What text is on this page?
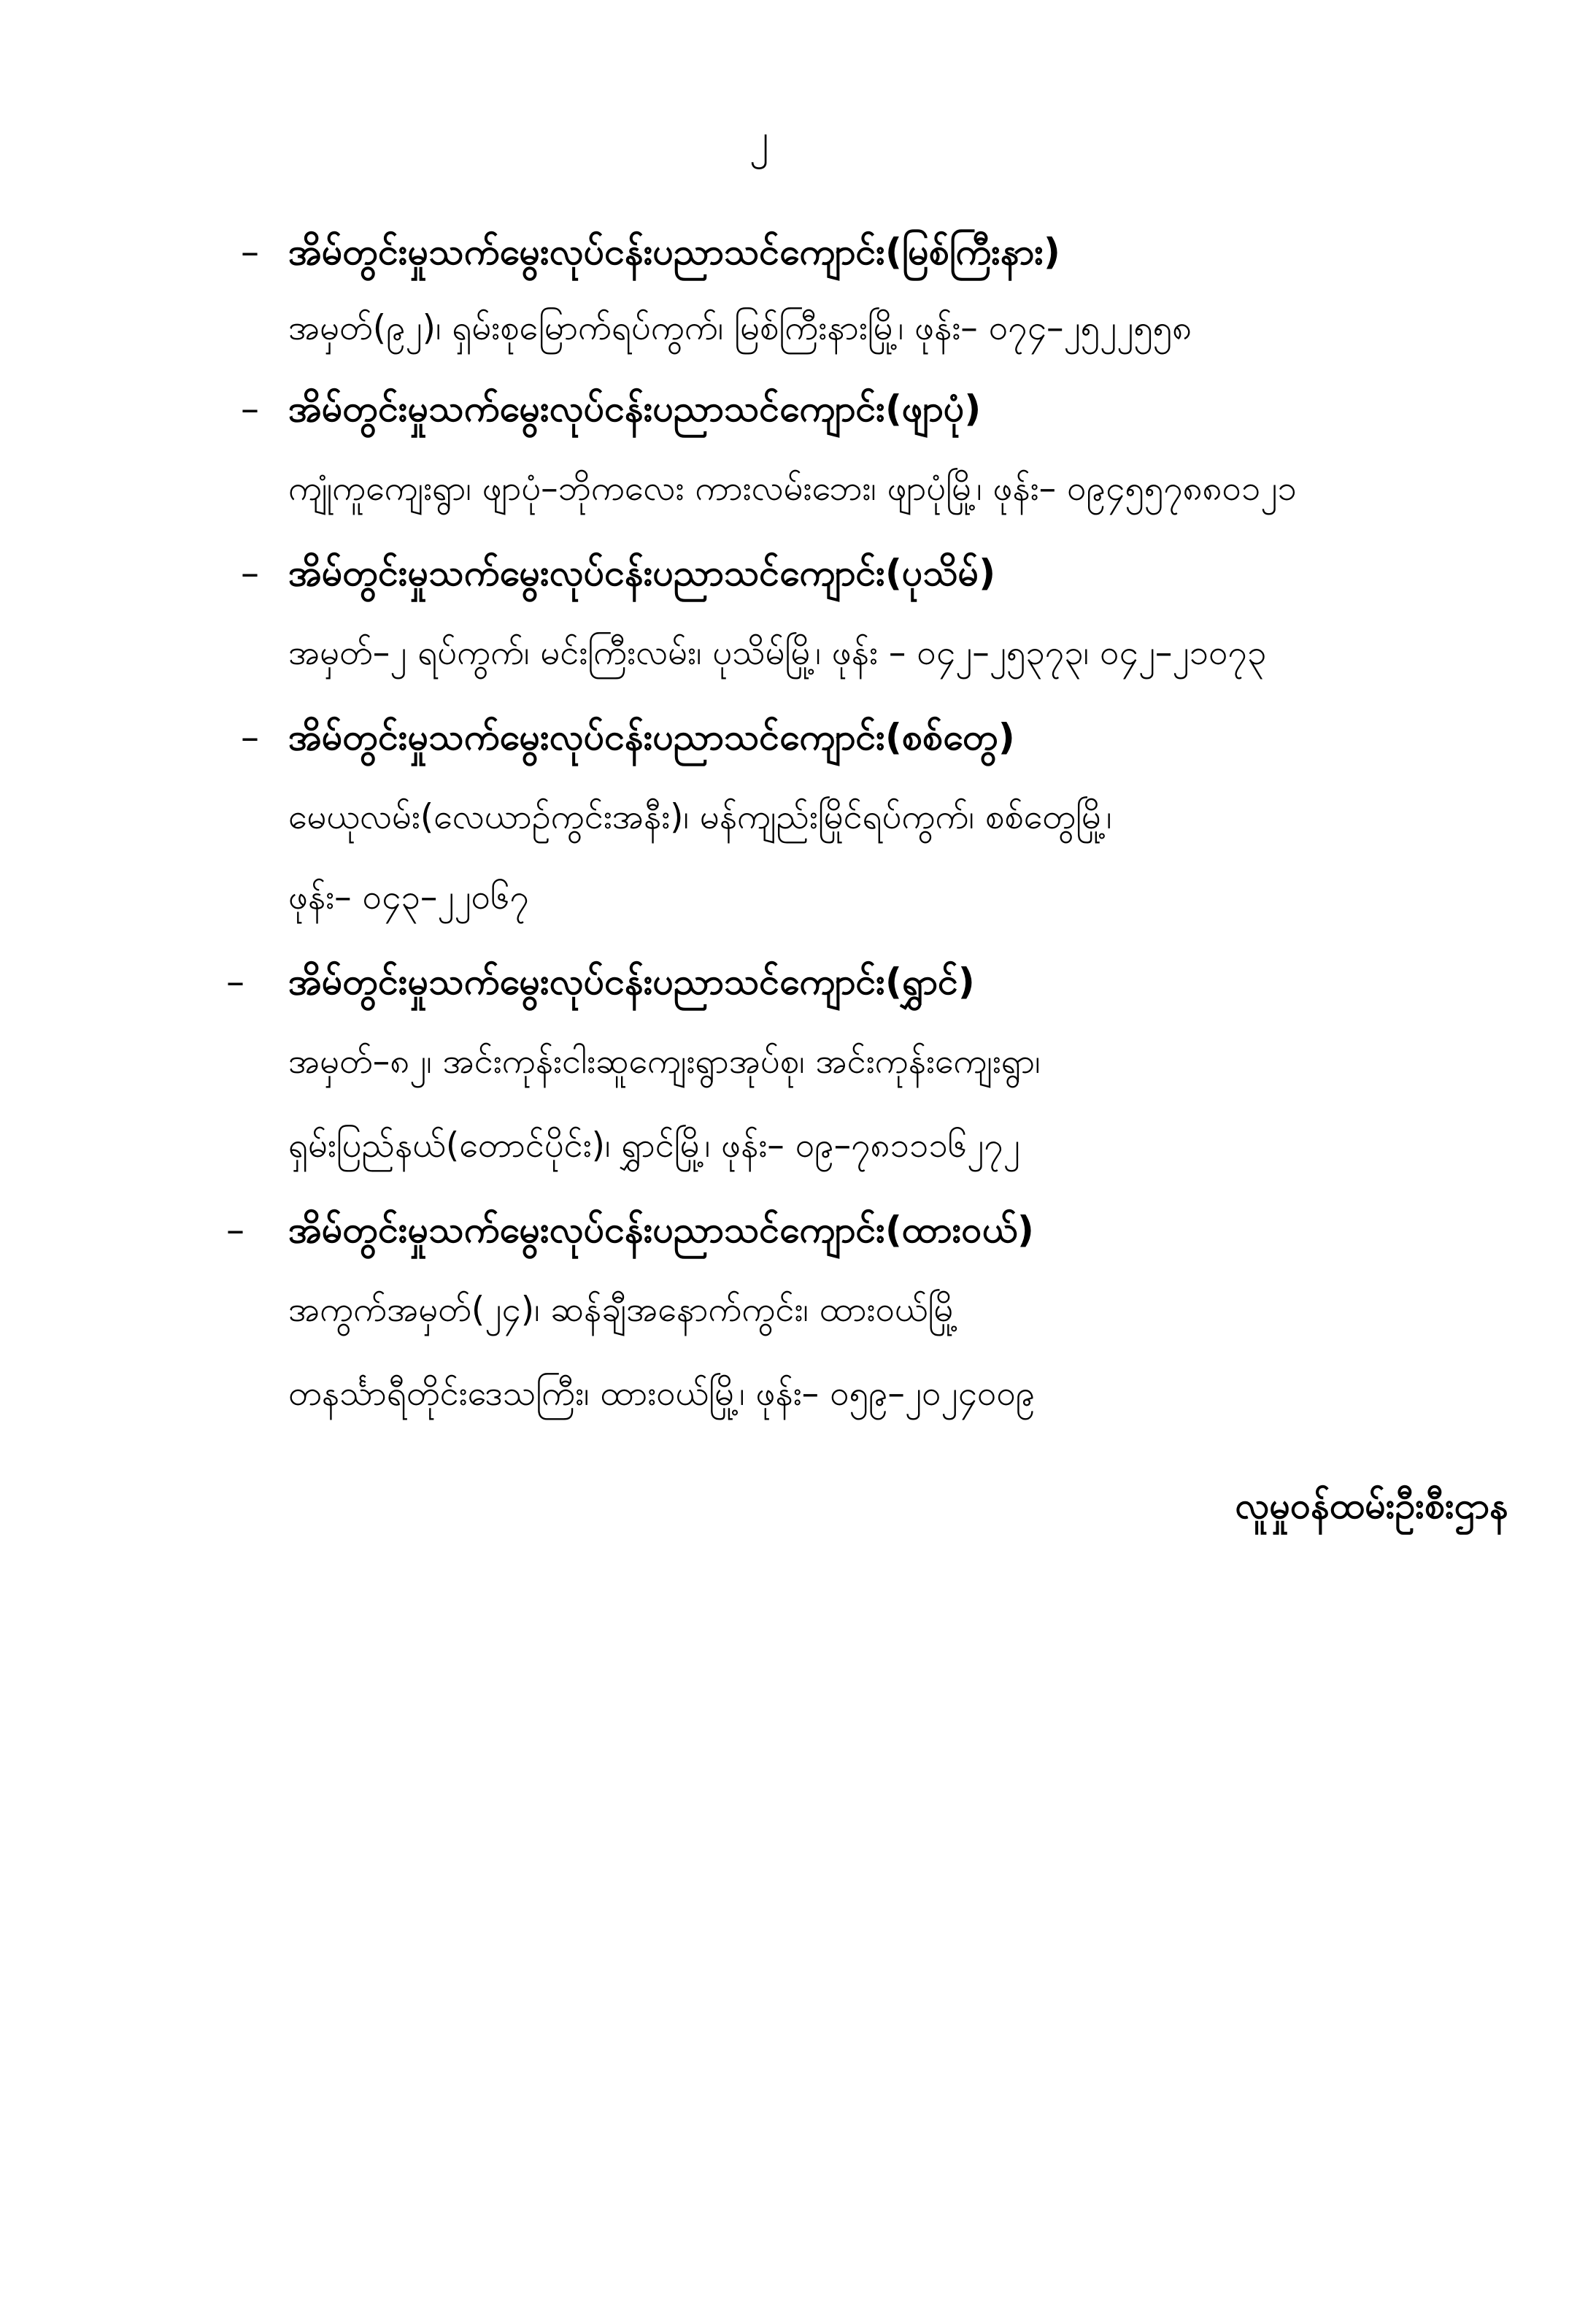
၂
– အိမ်တွင်းမှုသက်မွေးလုပ်ငန်းပညာသင်ကျောင်း(မြစ်ကြီးနား)
အမှတ်(၉၂)၊ ရှမ်းစုမြောက်ရပ်ကွက်၊ မြစ်ကြီးနားမြို့၊ ဖုန်း– ၀၇၄–၂၅၂၂၅၅၈
– အိမ်တွင်းမှုသက်မွေးလုပ်ငန်းပညာသင်ကျောင်း(ဖျာပုံ)
ကျုံကူကျေးရွာ၊ ဖျာပုံ–ဘိုကလေး ကားလမ်းဘေး၊ ဖျာပုံမြို့၊ ဖုန်း– ၀၉၄၅၅၇၈၈၀၁၂၁
– အိမ်တွင်းမှုသက်မွေးလုပ်ငန်းပညာသင်ကျောင်း(ပုသိမ်)
အမှတ်–၂ ရပ်ကွက်၊ မင်းကြီးလမ်း၊ ပုသိမ်မြို့၊ ဖုန်း – ၀၄၂–၂၅၃၇၃၊ ၀၄၂–၂၁၀၇၃
– အိမ်တွင်းမှုသက်မွေးလုပ်ငန်းပညာသင်ကျောင်း(စစ်တွေ)
မေယုလမ်း(လေယာဉ်ကွင်းအနီး)၊ မန်ကျည်းမြိုင်ရပ်ကွက်၊ စစ်တွေမြို့၊
ဖုန်း– ၀၄၃–၂၂၀၆၇
– အိမ်တွင်းမှုသက်မွေးလုပ်ငန်းပညာသင်ကျောင်း(ရွှာင်)
အမှတ်–၈၂၊ အင်းကုန်းငါးဆူကျေးရွာအုပ်စု၊ အင်းကုန်းကျေးရွာ၊
ရှမ်းပြည်နယ်(တောင်ပိုင်း)၊ ရွှာင်မြို့၊ ဖုန်း– ၀၉–၇၈၁၁၁၆၂၇၂
– အိမ်တွင်းမှုသက်မွေးလုပ်ငန်းပညာသင်ကျောင်း(ထားဝယ်)
အကွက်အမှတ်(၂၄)၊ ဆန်ချီအနောက်ကွင်း၊ ထားဝယ်မြို့
တနင်္သာရီတိုင်းဒေသကြီး၊ ထားဝယ်မြို့၊ ဖုန်း– ၀၅၉–၂၀၂၄၀၀၉
လူမှုဝန်ထမ်းဦးစီးဌာန
